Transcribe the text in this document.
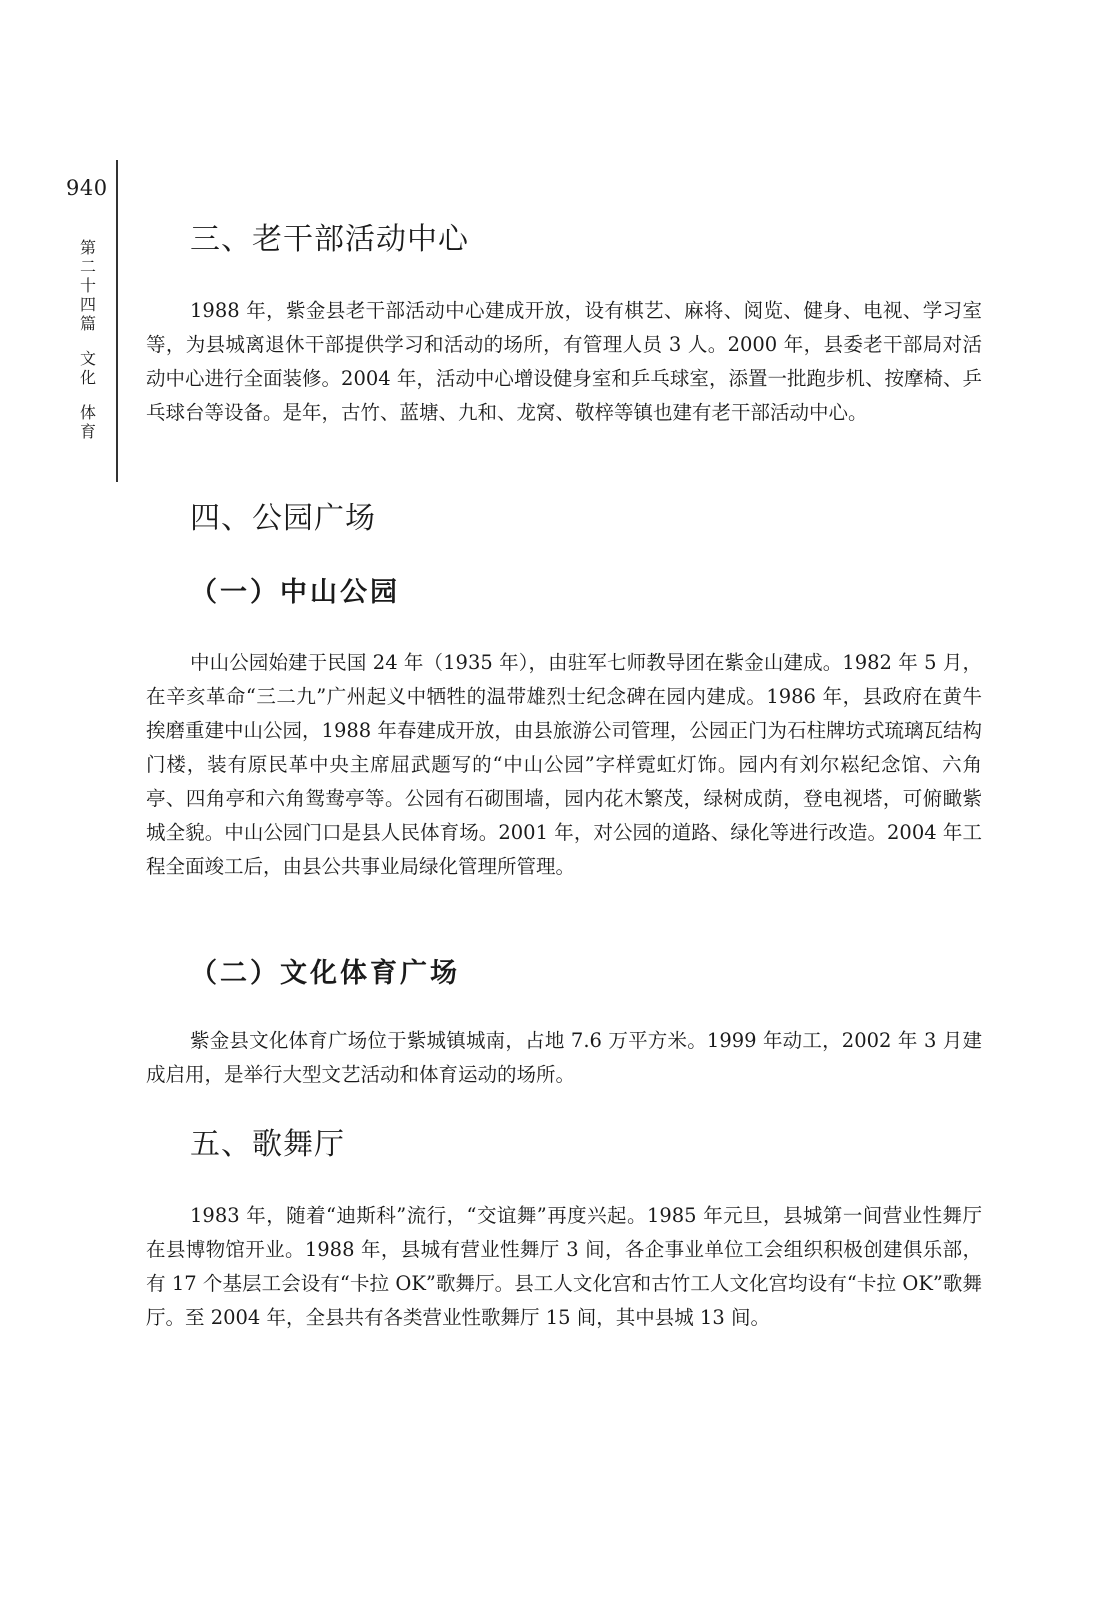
940
第
二
十
四
篇
文
化
体
育
三、老干部活动中心

1988 年，紫金县老干部活动中心建成开放，设有棋艺、麻将、阅览、健身、电视、学习室等，为县城离退休干部提供学习和活动的场所，有管理人员 3 人。2000 年，县委老干部局对活动中心进行全面装修。2004 年，活动中心增设健身室和乒乓球室，添置一批跑步机、按摩椅、乒乓球台等设备。是年，古竹、蓝塘、九和、龙窝、敬梓等镇也建有老干部活动中心。

四、公园广场
（一）中山公园

中山公园始建于民国 24 年（1935 年），由驻军七师教导团在紫金山建成。1982 年 5 月，在辛亥革命“三二九”广州起义中牺牲的温带雄烈士纪念碑在园内建成。1986 年，县政府在黄牛挨磨重建中山公园，1988 年春建成开放，由县旅游公司管理，公园正门为石柱牌坊式琉璃瓦结构门楼，装有原民革中央主席屈武题写的“中山公园”字样霓虹灯饰。园内有刘尔崧纪念馆、六角亭、四角亭和六角鸳鸯亭等。公园有石砌围墙，园内花木繁茂，绿树成荫，登电视塔，可俯瞰紫城全貌。中山公园门口是县人民体育场。2001 年，对公园的道路、绿化等进行改造。2004 年工程全面竣工后，由县公共事业局绿化管理所管理。

（二）文化体育广场

紫金县文化体育广场位于紫城镇城南，占地 7.6 万平方米。1999 年动工，2002 年 3 月建成启用，是举行大型文艺活动和体育运动的场所。

五、歌舞厅

1983 年，随着“迪斯科”流行，“交谊舞”再度兴起。1985 年元旦，县城第一间营业性舞厅在县博物馆开业。1988 年，县城有营业性舞厅 3 间，各企事业单位工会组织积极创建俱乐部，有 17 个基层工会设有“卡拉 OK”歌舞厅。县工人文化宫和古竹工人文化宫均设有“卡拉 OK”歌舞厅。至 2004 年，全县共有各类营业性歌舞厅 15 间，其中县城 13 间。
